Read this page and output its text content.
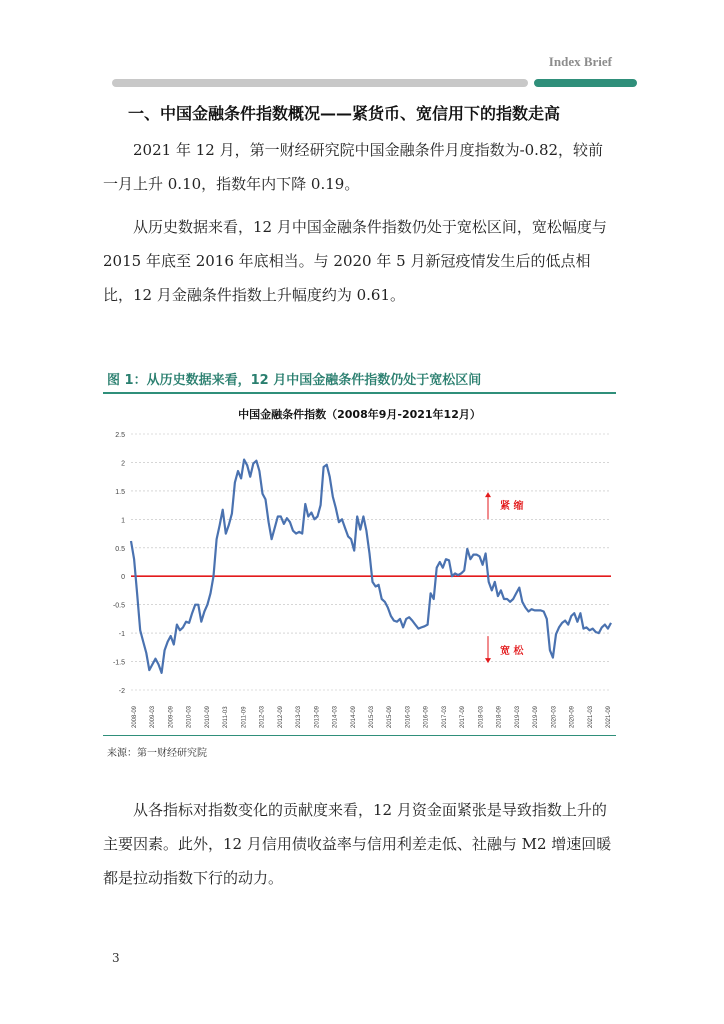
Index Brief
一、中国金融条件指数概况——紧货币、宽信用下的指数走高
2021 年 12 月，第一财经研究院中国金融条件月度指数为-0.82，较前一月上升 0.10，指数年内下降 0.19。
从历史数据来看，12 月中国金融条件指数仍处于宽松区间，宽松幅度与 2015 年底至 2016 年底相当。与 2020 年 5 月新冠疫情发生后的低点相比，12 月金融条件指数上升幅度约为 0.61。
图 1：从历史数据来看，12 月中国金融条件指数仍处于宽松区间
中国金融条件指数（2008年9月-2021年12月）
2.5
2
1.5
1
0.5
0
-0.5
-1
-1.5
-2
2008-09 2009-03 2009-09 2010-03 2010-09 2011-03 2011-09 2012-03 2012-09 2013-03 2013-09 2014-03 2014-09 2015-03 2015-09 2016-03 2016-09 2017-03 2017-09 2018-03 2018-09 2019-03 2019-09 2020-03 2020-09 2021-03 2021-09
紧 缩
宽 松
来源：第一财经研究院
从各指标对指数变化的贡献度来看，12 月资金面紧张是导致指数上升的主要因素。此外，12 月信用债收益率与信用利差走低、社融与 M2 增速回暖都是拉动指数下行的动力。
3
